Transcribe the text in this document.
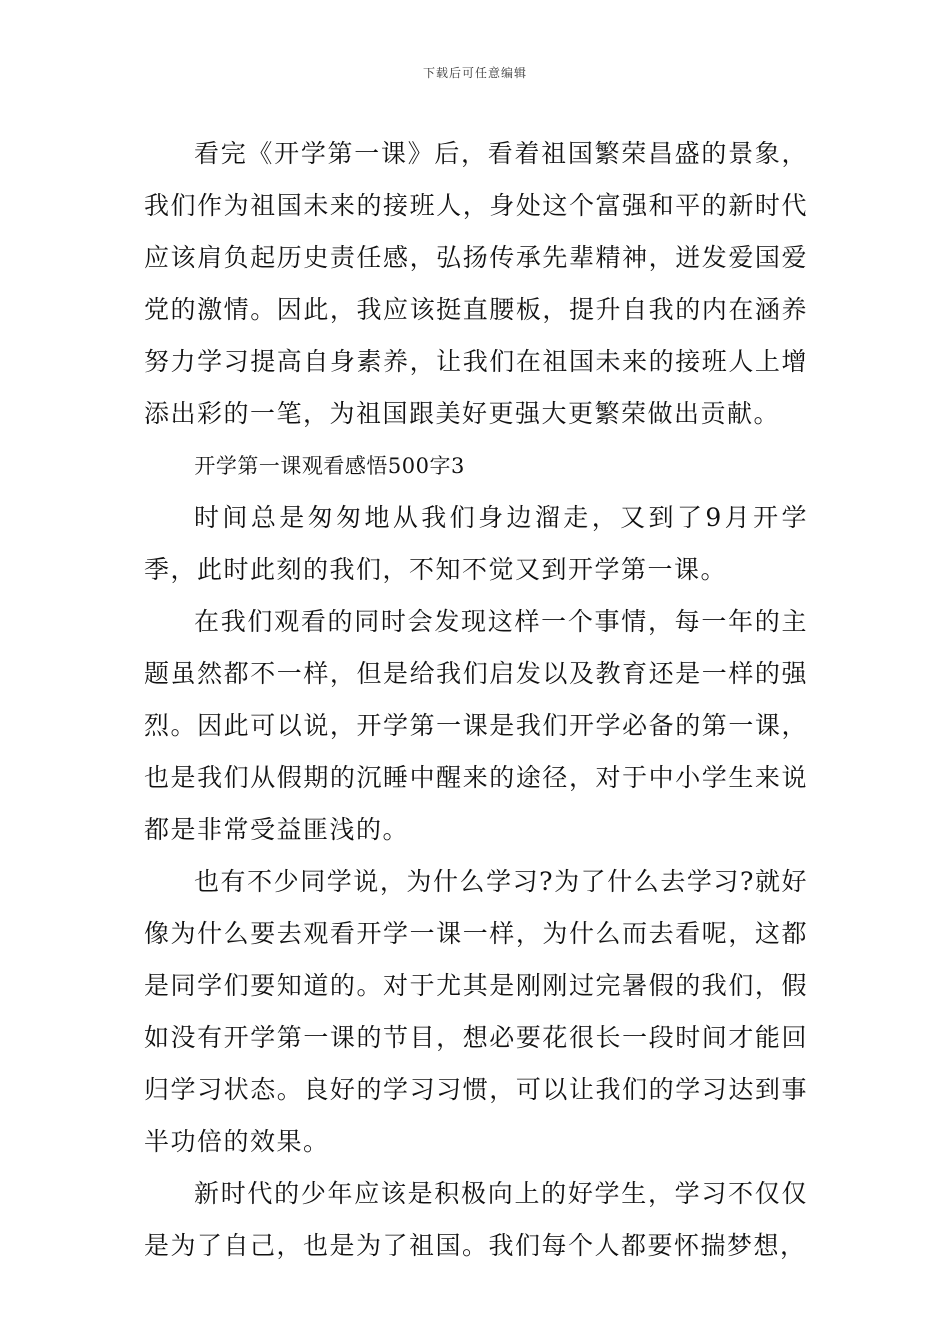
下载后可任意编辑

看完《开学第一课》后，看着祖国繁荣昌盛的景象，我们作为祖国未来的接班人，身处这个富强和平的新时代应该肩负起历史责任感，弘扬传承先辈精神，迸发爱国爱党的激情。因此，我应该挺直腰板，提升自我的内在涵养努力学习提高自身素养，让我们在祖国未来的接班人上增添出彩的一笔，为祖国跟美好更强大更繁荣做出贡献。

开学第一课观看感悟500字3

时间总是匆匆地从我们身边溜走，又到了9月开学季，此时此刻的我们，不知不觉又到开学第一课。

在我们观看的同时会发现这样一个事情，每一年的主题虽然都不一样，但是给我们启发以及教育还是一样的强烈。因此可以说，开学第一课是我们开学必备的第一课，也是我们从假期的沉睡中醒来的途径，对于中小学生来说都是非常受益匪浅的。

也有不少同学说，为什么学习?为了什么去学习?就好像为什么要去观看开学一课一样，为什么而去看呢，这都是同学们要知道的。对于尤其是刚刚过完暑假的我们，假如没有开学第一课的节目，想必要花很长一段时间才能回归学习状态。良好的学习习惯，可以让我们的学习达到事半功倍的效果。

新时代的少年应该是积极向上的好学生，学习不仅仅是为了自己，也是为了祖国。我们每个人都要怀揣梦想，
